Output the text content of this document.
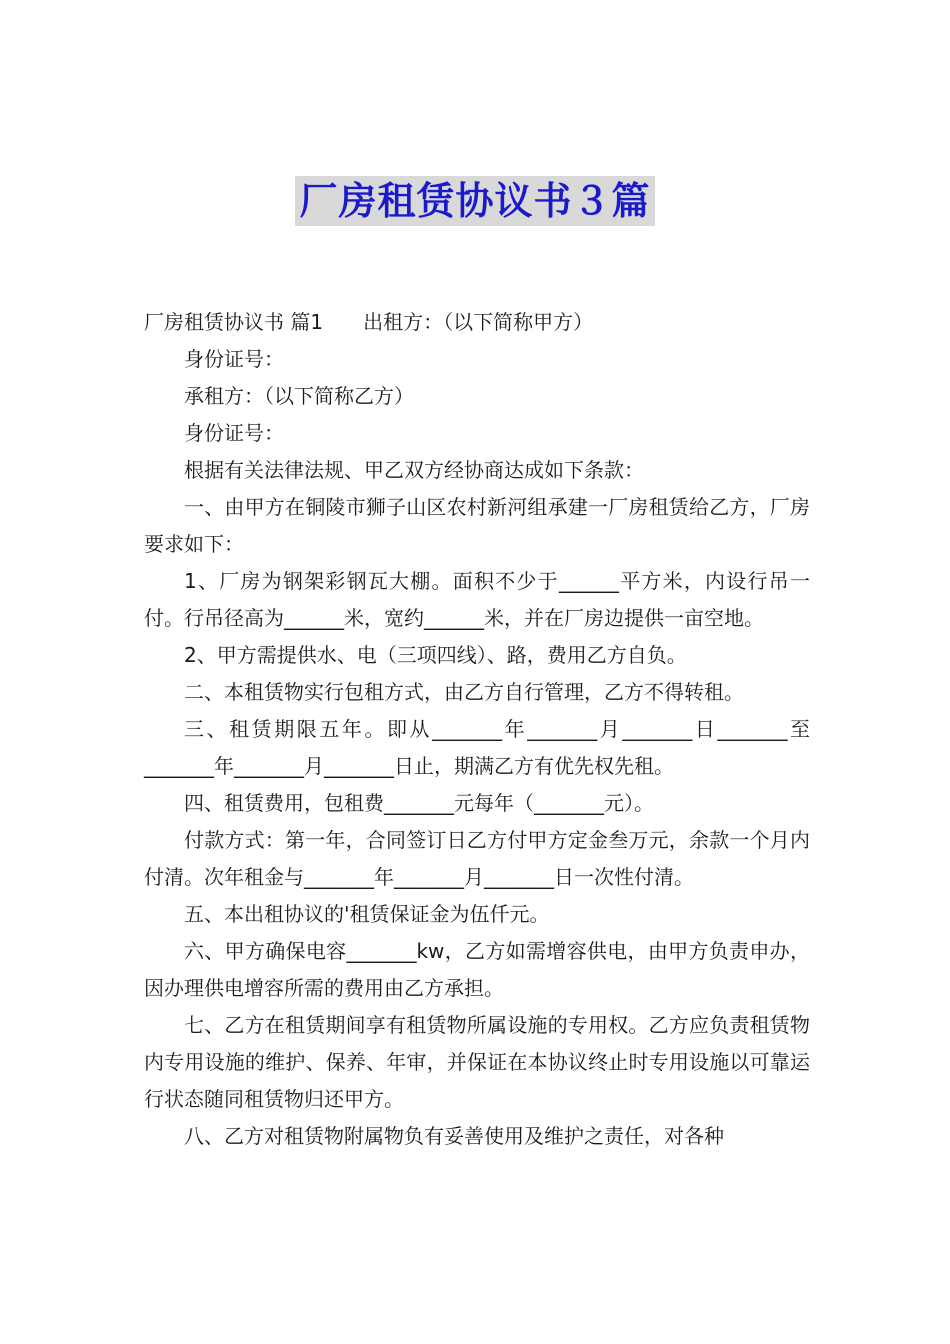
厂房租赁协议书３篇

厂房租赁协议书 篇1 出租方：（以下简称甲方）

身份证号：

承租方：（以下简称乙方）

身份证号：

根据有关法律法规、甲乙双方经协商达成如下条款：

一、由甲方在铜陵市狮子山区农村新河组承建一厂房租赁给乙方，厂房要求如下：

1、厂房为钢架彩钢瓦大棚。面积不少于______平方米，内设行吊一付。行吊径高为______米，宽约______米，并在厂房边提供一亩空地。

2、甲方需提供水、电（三项四线）、路，费用乙方自负。

二、本租赁物实行包租方式，由乙方自行管理，乙方不得转租。

三、租赁期限五年。即从_______年_______月_______日_______至_______年_______月_______日止，期满乙方有优先权先租。

四、租赁费用，包租费_______元每年（_______元）。

付款方式：第一年，合同签订日乙方付甲方定金叁万元，余款一个月内付清。次年租金与_______年_______月_______日一次性付清。

五、本出租协议的'租赁保证金为伍仟元。

六、甲方确保电容_______kw，乙方如需增容供电，由甲方负责申办，因办理供电增容所需的费用由乙方承担。

七、乙方在租赁期间享有租赁物所属设施的专用权。乙方应负责租赁物内专用设施的维护、保养、年审，并保证在本协议终止时专用设施以可靠运行状态随同租赁物归还甲方。

八、乙方对租赁物附属物负有妥善使用及维护之责任，对各种
